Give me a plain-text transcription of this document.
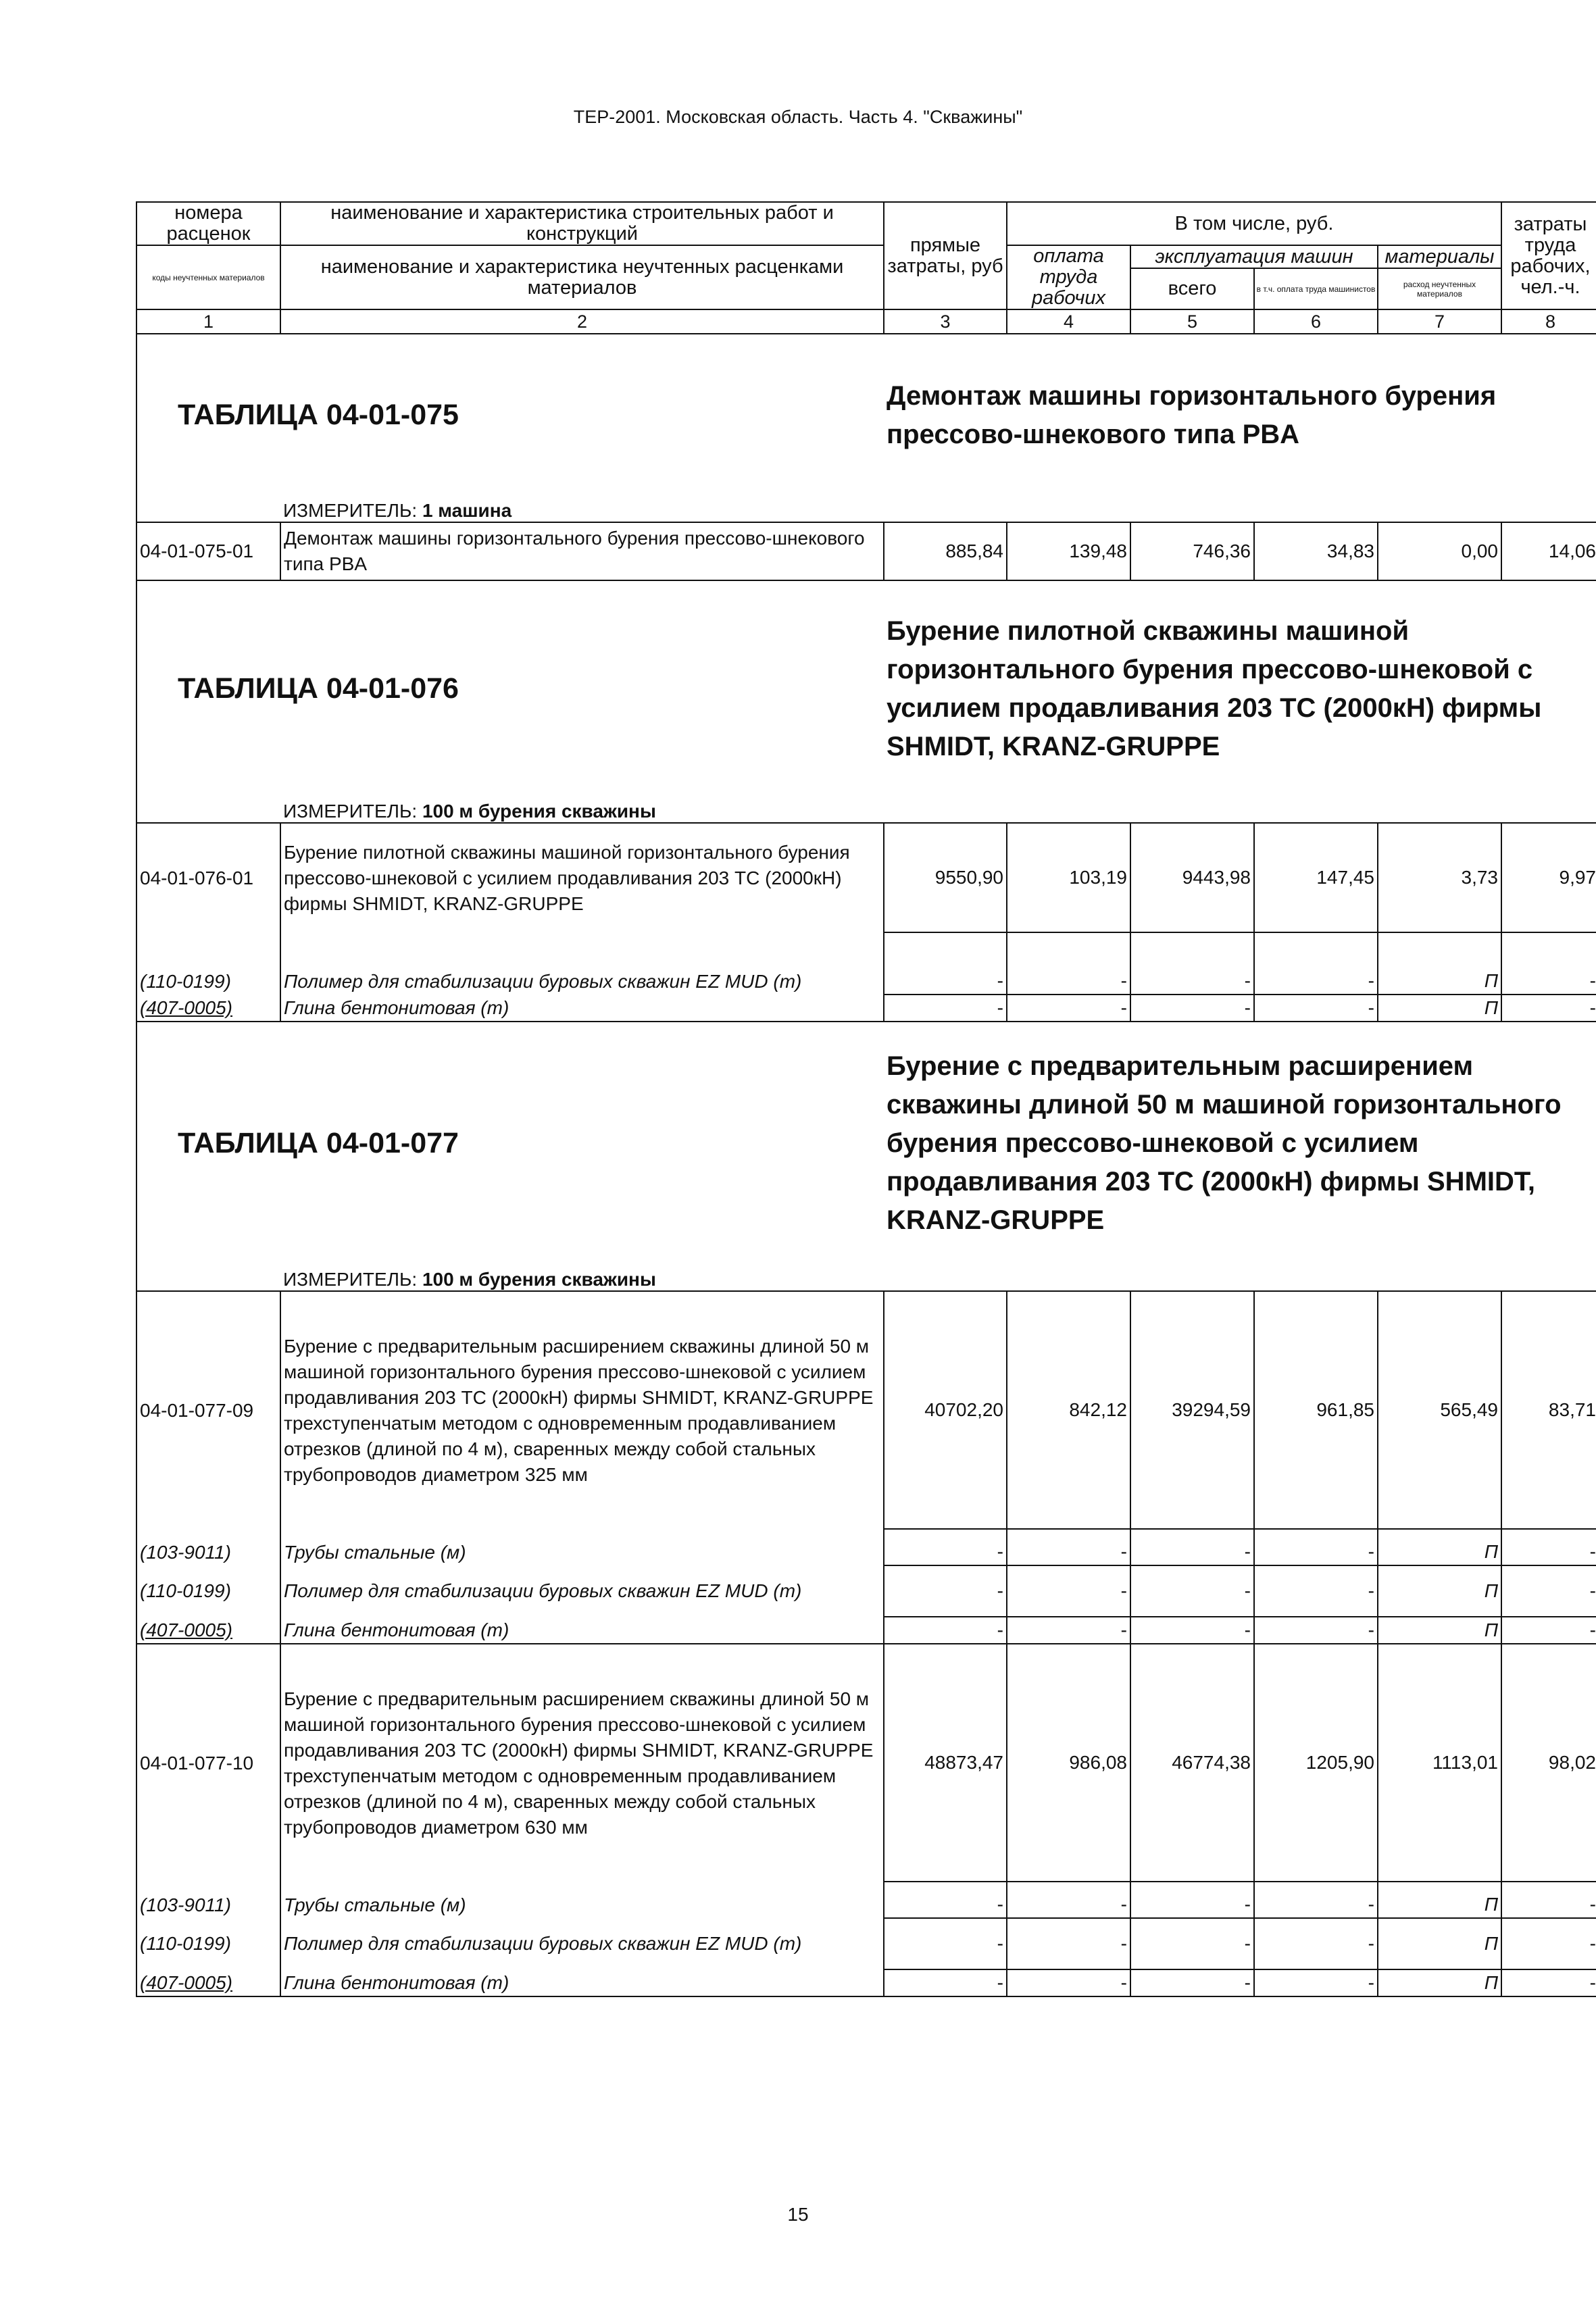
ТЕР-2001. Московская область. Часть 4. "Скважины"
номера расценок	наименование и характеристика строительных работ и конструкций	прямые затраты, руб	В том числе, руб.				затраты труда рабочих, чел.-ч.
коды неучтенных материалов	наименование и характеристика неучтенных расценками материалов		оплата труда рабочих	эксплуатация машин		материалы	
				всего	в т.ч. оплата труда машинистов	расход неучтенных материалов	
1	2	3	4	5	6	7	8
ТАБЛИЦА 04-01-075		Демонтаж машины горизонтального бурения прессово-шнекового типа PBA					
	ИЗМЕРИТЕЛЬ: 1 машина						
04-01-075-01	Демонтаж машины горизонтального бурения прессово-шнекового типа PBA	885,84	139,48	746,36	34,83	0,00	14,06
ТАБЛИЦА 04-01-076		Бурение пилотной скважины машиной горизонтального бурения прессово-шнековой с усилием продавливания 203 ТС (2000кН) фирмы SHMIDT, KRANZ-GRUPPE					
	ИЗМЕРИТЕЛЬ: 100 м бурения скважины						
04-01-076-01	Бурение пилотной скважины машиной горизонтального бурения прессово-шнековой с усилием продавливания 203 ТС (2000кН) фирмы SHMIDT, KRANZ-GRUPPE	9550,90	103,19	9443,98	147,45	3,73	9,97
(110-0199)	Полимер для стабилизации буровых скважин EZ MUD (т)	-	-	-	-	П	-
(407-0005)	Глина бентонитовая (т)	-	-	-	-	П	-
ТАБЛИЦА 04-01-077		Бурение с предварительным расширением скважины длиной 50 м машиной горизонтального бурения прессово-шнековой с усилием продавливания 203 ТС (2000кН) фирмы SHMIDT, KRANZ-GRUPPE					
	ИЗМЕРИТЕЛЬ: 100 м бурения скважины						
04-01-077-09	Бурение с предварительным расширением скважины длиной 50 м машиной горизонтального бурения прессово-шнековой с усилием продавливания 203 ТС (2000кН) фирмы SHMIDT, KRANZ-GRUPPE трехступенчатым методом с одновременным продавливанием отрезков (длиной по 4 м), сваренных между собой стальных трубопроводов диаметром 325 мм	40702,20	842,12	39294,59	961,85	565,49	83,71
(103-9011)	Трубы стальные (м)	-	-	-	-	П	-
(110-0199)	Полимер для стабилизации буровых скважин EZ MUD (т)	-	-	-	-	П	-
(407-0005)	Глина бентонитовая (т)	-	-	-	-	П	-
04-01-077-10	Бурение с предварительным расширением скважины длиной 50 м машиной горизонтального бурения прессово-шнековой с усилием продавливания 203 ТС (2000кН) фирмы SHMIDT, KRANZ-GRUPPE трехступенчатым методом с одновременным продавливанием отрезков (длиной по 4 м), сваренных между собой стальных трубопроводов диаметром 630 мм	48873,47	986,08	46774,38	1205,90	1113,01	98,02
(103-9011)	Трубы стальные (м)	-	-	-	-	П	-
(110-0199)	Полимер для стабилизации буровых скважин EZ MUD (т)	-	-	-	-	П	-
(407-0005)	Глина бентонитовая (т)	-	-	-	-	П	-
15
